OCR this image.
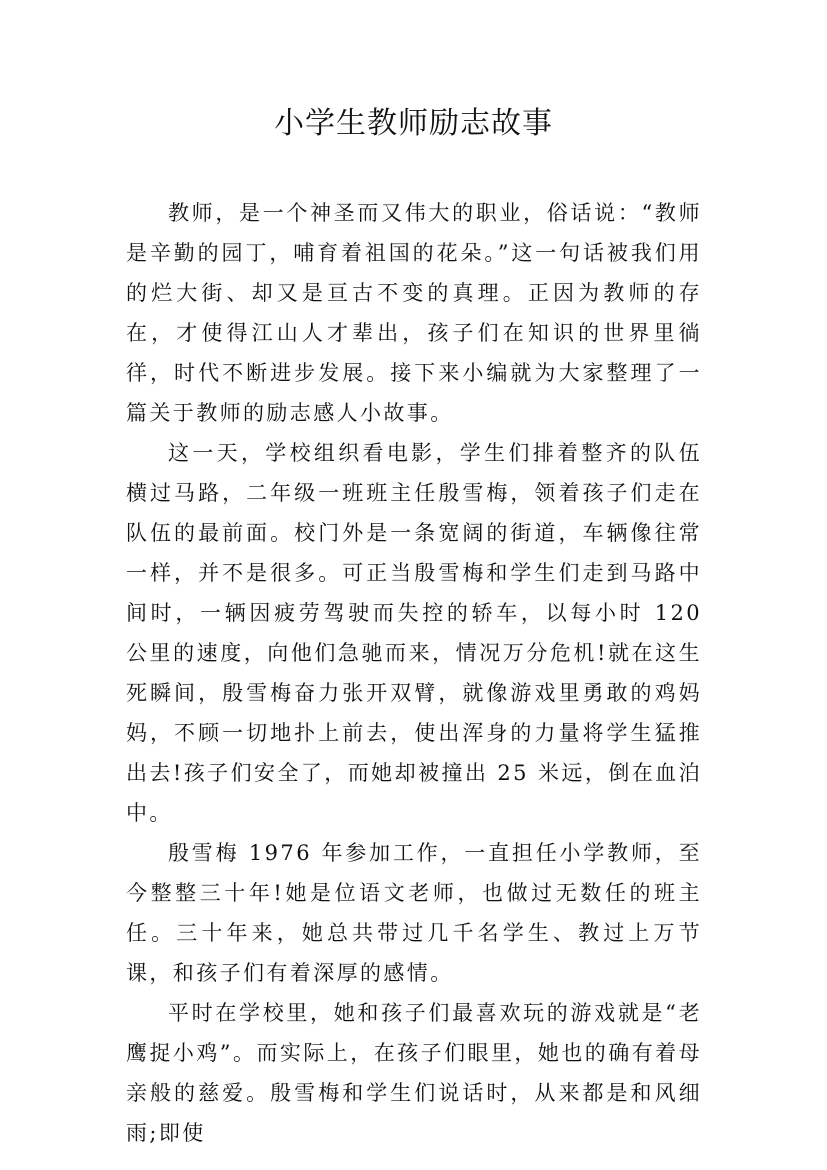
小学生教师励志故事

教师，是一个神圣而又伟大的职业，俗话说：“教师是辛勤的园丁，哺育着祖国的花朵。”这一句话被我们用的烂大街、却又是亘古不变的真理。正因为教师的存在，才使得江山人才辈出，孩子们在知识的世界里徜徉，时代不断进步发展。接下来小编就为大家整理了一篇关于教师的励志感人小故事。

这一天，学校组织看电影，学生们排着整齐的队伍横过马路，二年级一班班主任殷雪梅，领着孩子们走在队伍的最前面。校门外是一条宽阔的街道，车辆像往常一样，并不是很多。可正当殷雪梅和学生们走到马路中间时，一辆因疲劳驾驶而失控的轿车，以每小时 120 公里的速度，向他们急驰而来，情况万分危机!就在这生死瞬间，殷雪梅奋力张开双臂，就像游戏里勇敢的鸡妈妈，不顾一切地扑上前去，使出浑身的力量将学生猛推出去!孩子们安全了，而她却被撞出 25 米远，倒在血泊中。

殷雪梅 1976 年参加工作，一直担任小学教师，至今整整三十年!她是位语文老师，也做过无数任的班主任。三十年来，她总共带过几千名学生、教过上万节课，和孩子们有着深厚的感情。

平时在学校里，她和孩子们最喜欢玩的游戏就是“老鹰捉小鸡”。而实际上，在孩子们眼里，她也的确有着母亲般的慈爱。殷雪梅和学生们说话时，从来都是和风细雨;即使
